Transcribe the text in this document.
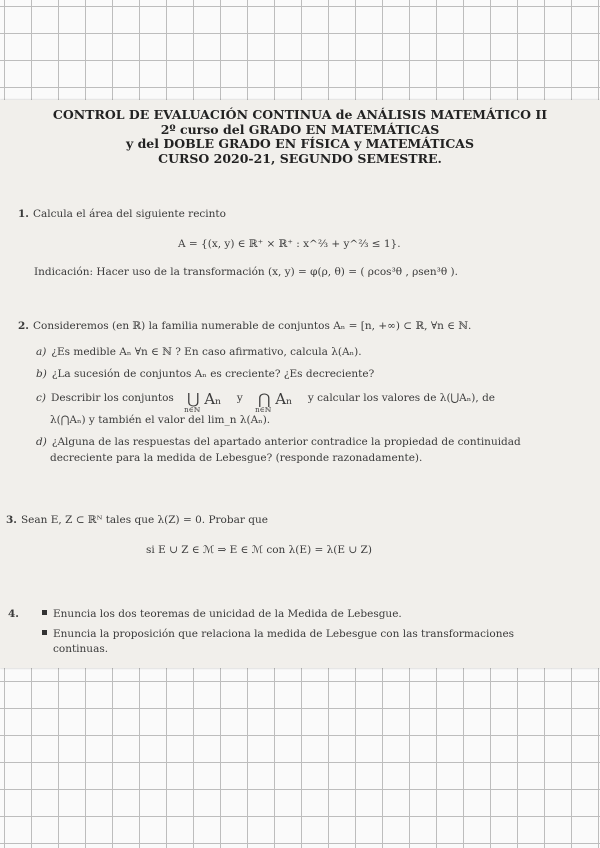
CONTROL DE EVALUACIÓN CONTINUA de ANÁLISIS MATEMÁTICO II
2º curso del GRADO EN MATEMÁTICAS
y del DOBLE GRADO EN FÍSICA y MATEMÁTICAS
CURSO 2020-21, SEGUNDO SEMESTRE.
1. Calcula el área del siguiente recinto
A = {(x, y) ∈ ℝ⁺ × ℝ⁺ : x^⅔ + y^⅔ ≤ 1}.
Indicación: Hacer uso de la transformación (x, y) = φ(ρ, θ) = ( ρcos³θ , ρsen³θ ).
2. Consideremos (en ℝ) la familia numerable de conjuntos Aₙ = [n, +∞) ⊂ ℝ, ∀n ∈ ℕ.
a) ¿Es medible Aₙ ∀n ∈ ℕ ? En caso afirmativo, calcula λ(Aₙ).
b) ¿La sucesión de conjuntos Aₙ es creciente? ¿Es decreciente?
c) Describir los conjuntos ⋃ Aₙ
n∈ℕ
y ⋂ Aₙ
n∈ℕ
y calcular los valores de λ(⋃Aₙ), de
λ(⋂Aₙ) y también el valor del lim_n λ(Aₙ).
d) ¿Alguna de las respuestas del apartado anterior contradice la propiedad de continuidad
decreciente para la medida de Lebesgue? (responde razonadamente).
3. Sean E, Z ⊂ ℝᴺ tales que λ(Z) = 0. Probar que
si E ∪ Z ∈ ℳ ⇒ E ∈ ℳ con λ(E) = λ(E ∪ Z)
4.	Enuncia los dos teoremas de unicidad de la Medida de Lebesgue.
Enuncia la proposición que relaciona la medida de Lebesgue con las transformaciones
continuas.
